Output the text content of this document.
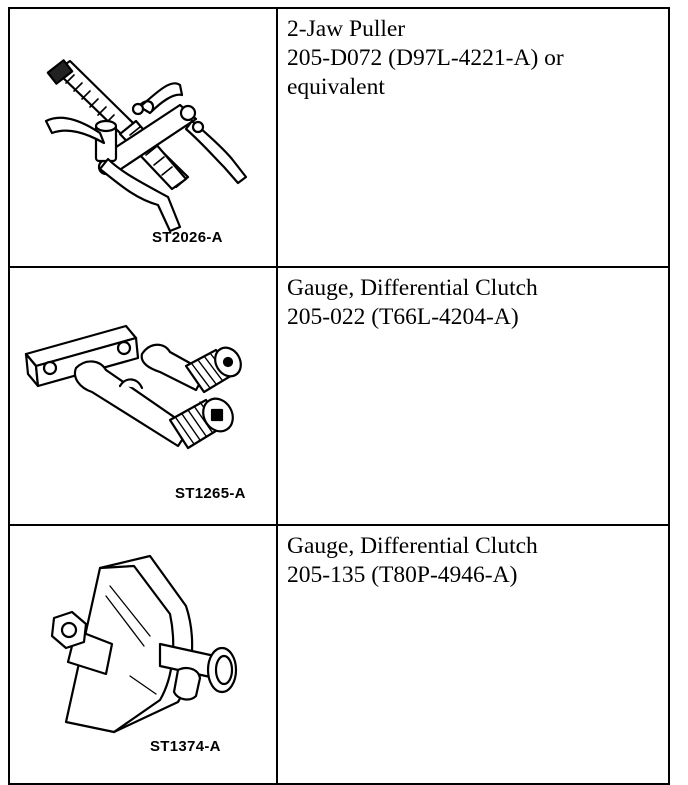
ST2026-A	2-Jaw Puller
205-D072 (D97L-4221-A) or
equivalent

ST1265-A	Gauge, Differential Clutch
205-022 (T66L-4204-A)

ST1374-A	Gauge, Differential Clutch
205-135 (T80P-4946-A)
